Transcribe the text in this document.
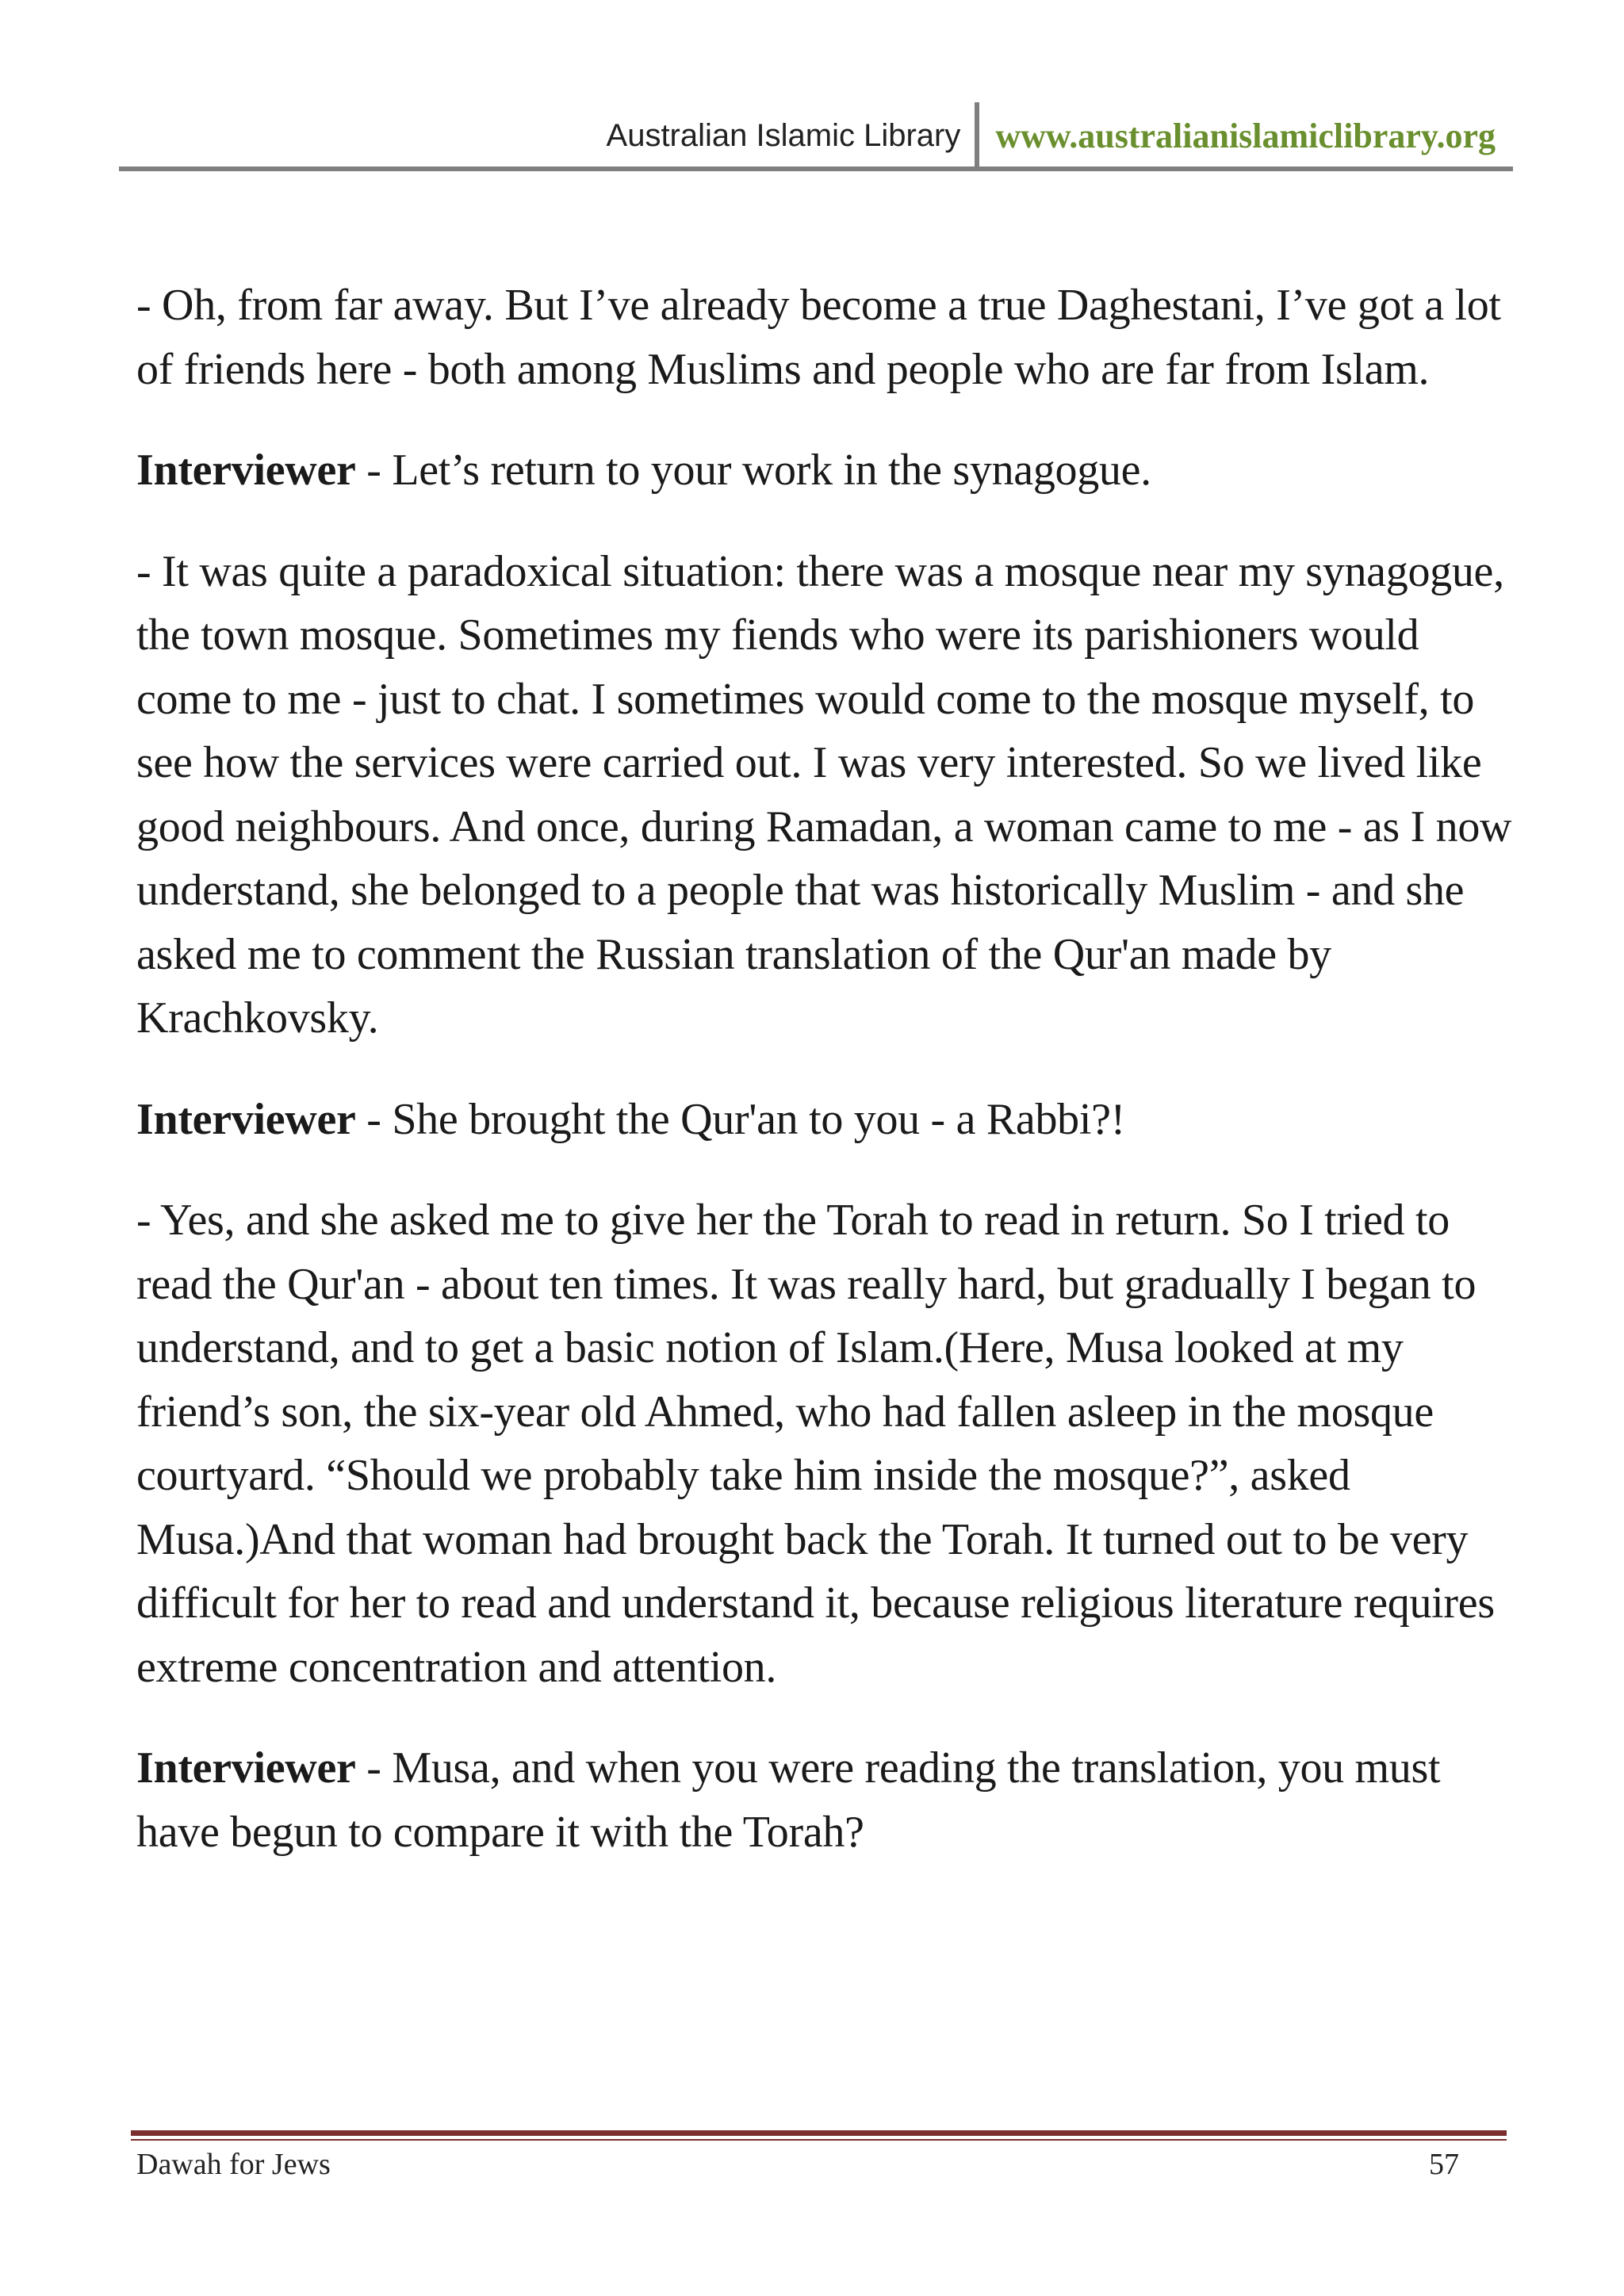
Australian Islamic Library	www.australianislamiclibrary.org

- Oh, from far away. But I’ve already become a true Daghestani, I’ve got a lot of friends here - both among Muslims and people who are far from Islam.

Interviewer - Let’s return to your work in the synagogue.

- It was quite a paradoxical situation: there was a mosque near my synagogue, the town mosque. Sometimes my fiends who were its parishioners would come to me - just to chat. I sometimes would come to the mosque myself, to see how the services were carried out. I was very interested. So we lived like good neighbours. And once, during Ramadan, a woman came to me - as I now understand, she belonged to a people that was historically Muslim - and she asked me to comment the Russian translation of the Qur'an made by Krachkovsky.

Interviewer - She brought the Qur'an to you - a Rabbi?!

- Yes, and she asked me to give her the Torah to read in return. So I tried to read the Qur'an - about ten times. It was really hard, but gradually I began to understand, and to get a basic notion of Islam.(Here, Musa looked at my friend’s son, the six-year old Ahmed, who had fallen asleep in the mosque courtyard. “Should we probably take him inside the mosque?”, asked Musa.)And that woman had brought back the Torah. It turned out to be very difficult for her to read and understand it, because religious literature requires extreme concentration and attention.

Interviewer - Musa, and when you were reading the translation, you must have begun to compare it with the Torah?

Dawah for Jews	57
